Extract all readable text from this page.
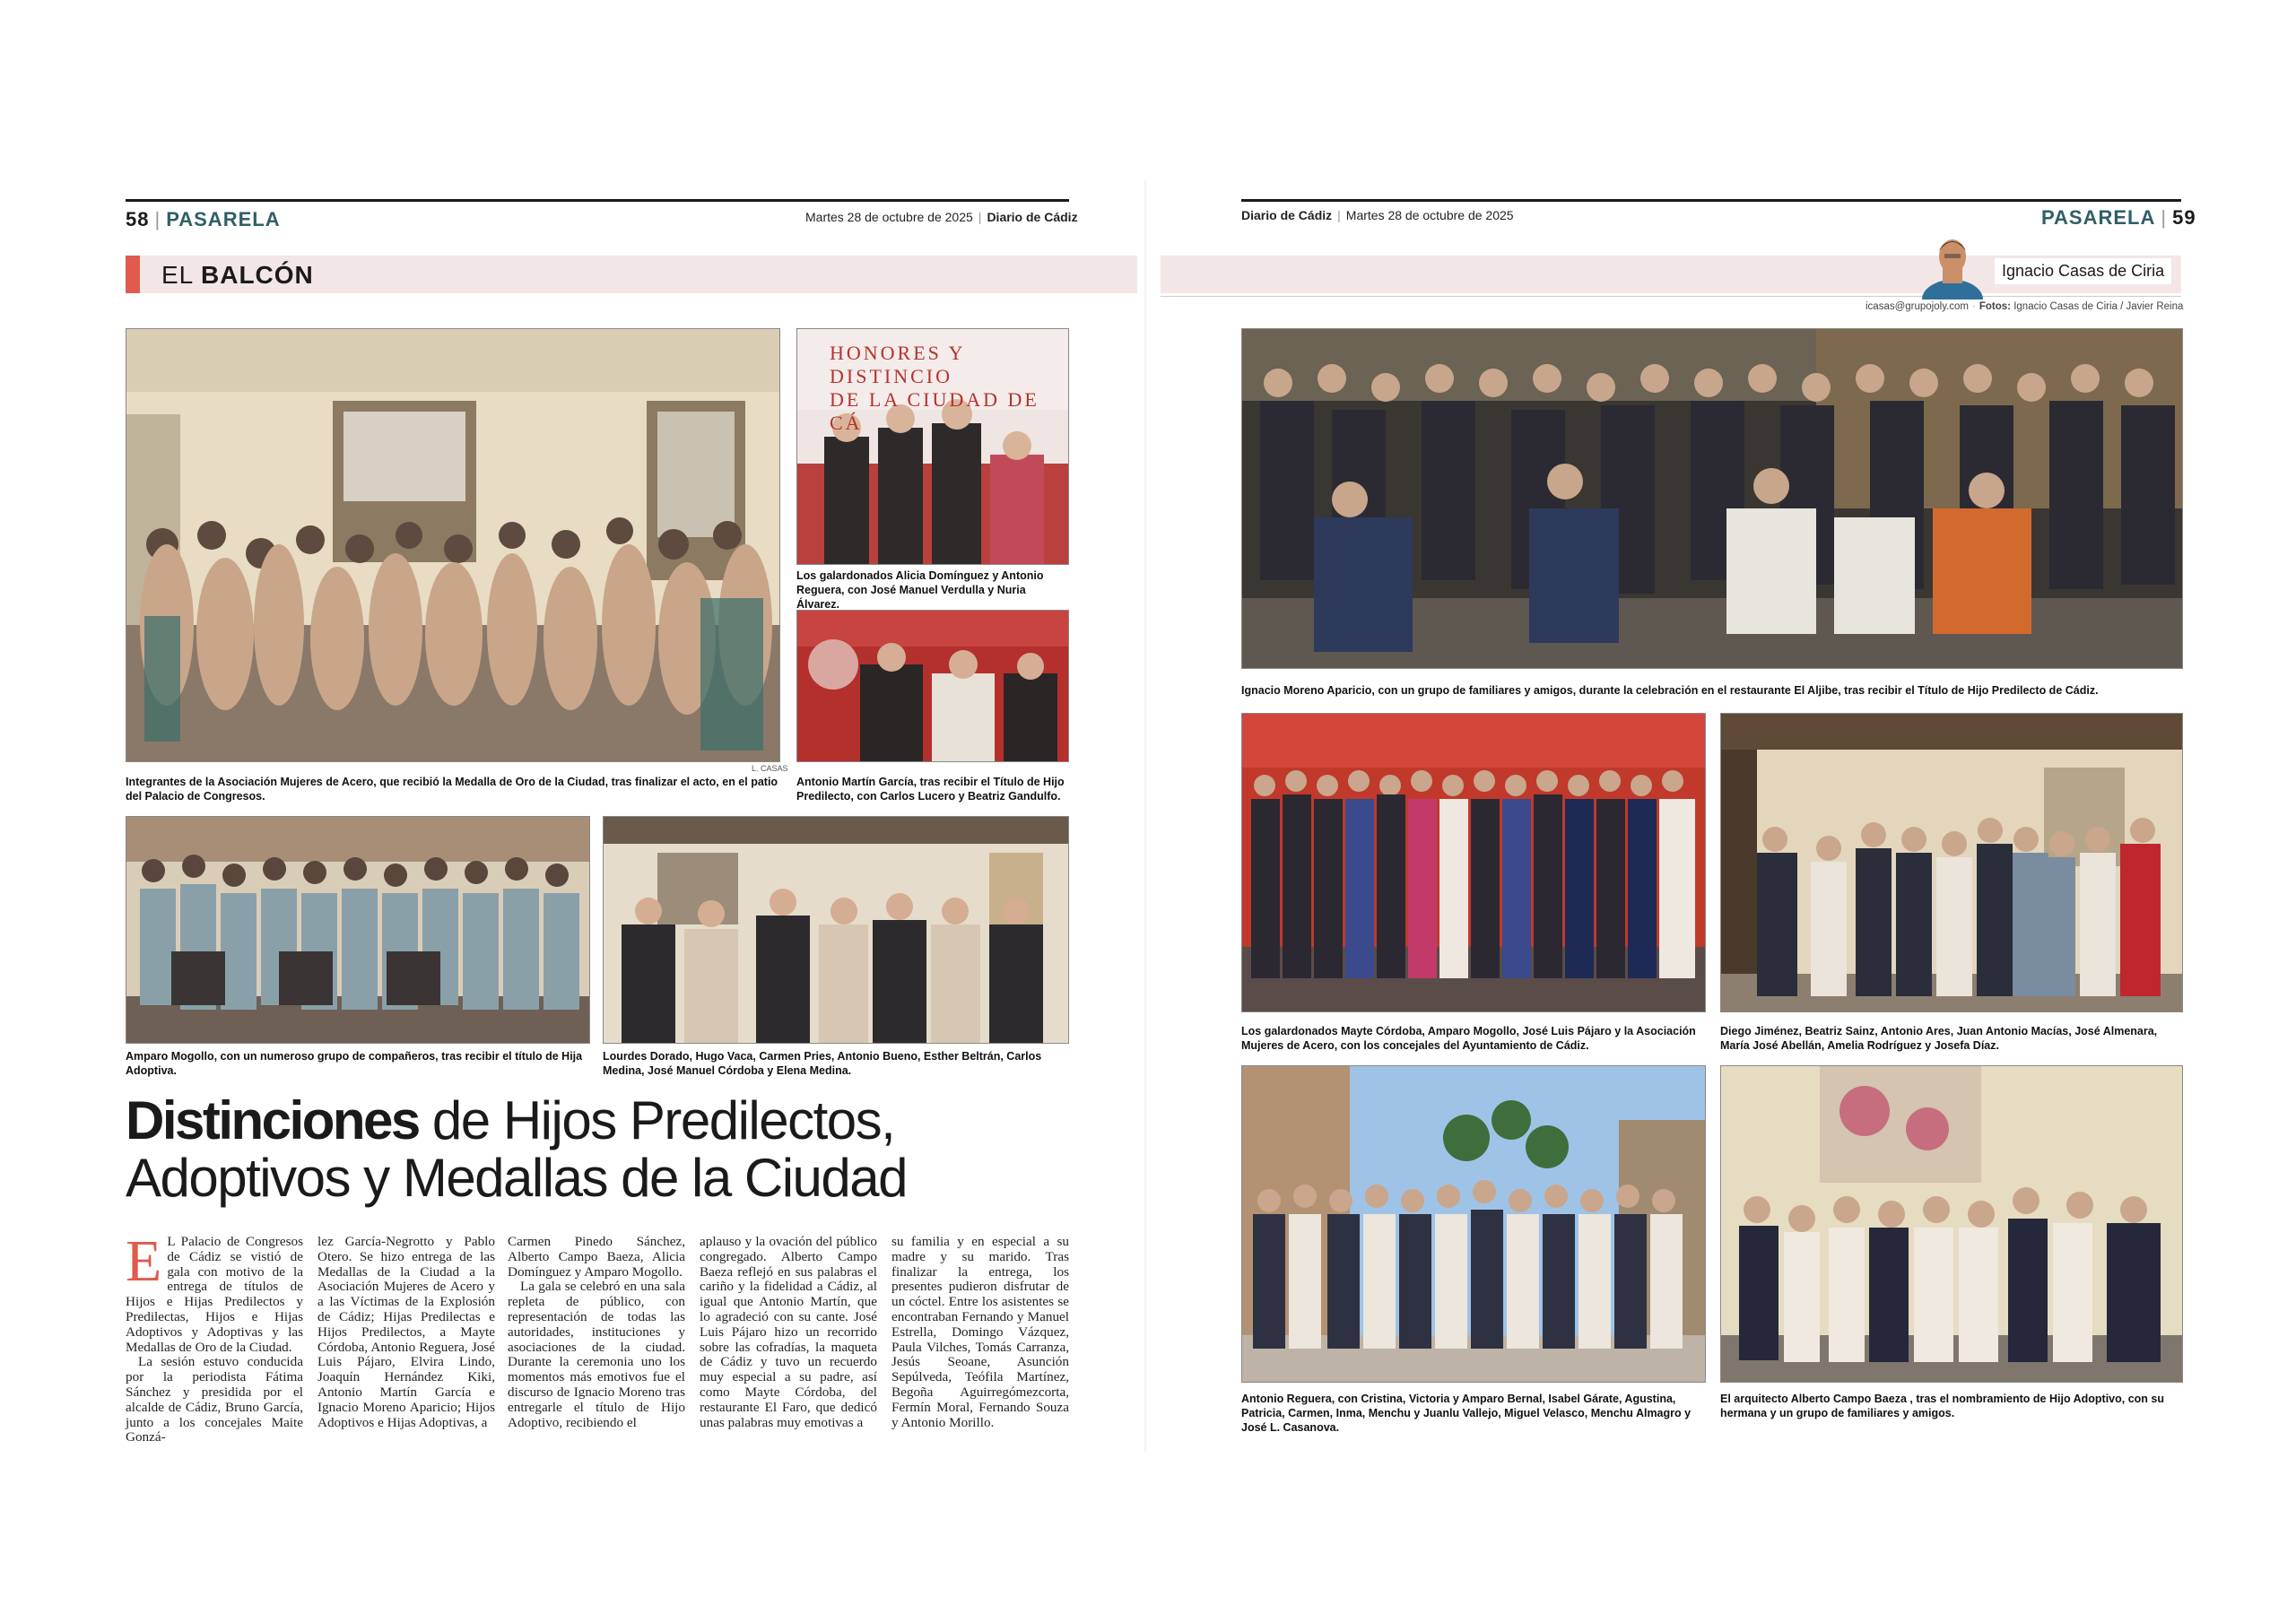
58 | PASARELA	Martes 28 de octubre de 2025 | Diario de Cádiz
EL BALCÓN
L. CASAS
Integrantes de la Asociación Mujeres de Acero, que recibió la Medalla de Oro de la Ciudad, tras finalizar el acto, en el patio del Palacio de Congresos.
HONORES Y DISTINCIO
DE LA CIUDAD DE CÁ
Los galardonados Alicia Domínguez y Antonio Reguera, con José Manuel Verdulla y Nuria Álvarez.
Antonio Martín García, tras recibir el Título de Hijo Predilecto, con Carlos Lucero y Beatriz Gandulfo.
Amparo Mogollo, con un numeroso grupo de compañeros, tras recibir el título de Hija Adoptiva.
Lourdes Dorado, Hugo Vaca, Carmen Pries, Antonio Bueno, Esther Beltrán, Carlos Medina, José Manuel Córdoba y Elena Medina.
Distinciones de Hijos Predilectos,
Adoptivos y Medallas de la Ciudad

E L Palacio de Congresos de Cádiz se vistió de gala con motivo de la entrega de títulos de Hijos e Hijas Predilectos y Predilectas, Hijos e Hijas Adoptivos y Adoptivas y las Medallas de Oro de la Ciudad.

La sesión estuvo conducida por la periodista Fátima Sánchez y presidida por el alcalde de Cádiz, Bruno García, junto a los concejales Maite Gonzá-

lez García-Negrotto y Pablo Otero. Se hizo entrega de las Medallas de la Ciudad a la Asociación Mujeres de Acero y a las Víctimas de la Explosión de Cádiz; Hijas Predilectas e Hijos Predilectos, a Mayte Córdoba, Antonio Reguera, José Luis Pájaro, Elvira Lindo, Joaquín Hernández Kiki, Antonio Martín García e Ignacio Moreno Aparicio; Hijos Adoptivos e Hijas Adoptivas, a

Carmen Pinedo Sánchez, Alberto Campo Baeza, Alicia Domínguez y Amparo Mogollo.

La gala se celebró en una sala repleta de público, con representación de todas las autoridades, instituciones y asociaciones de la ciudad. Durante la ceremonia uno los momentos más emotivos fue el discurso de Ignacio Moreno tras entregarle el título de Hijo Adoptivo, recibiendo el

aplauso y la ovación del público congregado. Alberto Campo Baeza reflejó en sus palabras el cariño y la fidelidad a Cádiz, al igual que Antonio Martín, que lo agradeció con su cante. José Luis Pájaro hizo un recorrido sobre las cofradías, la maqueta de Cádiz y tuvo un recuerdo muy especial a su padre, así como Mayte Córdoba, del restaurante El Faro, que dedicó unas palabras muy emotivas a

su familia y en especial a su madre y su marido. Tras finalizar la entrega, los presentes pudieron disfrutar de un cóctel. Entre los asistentes se encontraban Fernando y Manuel Estrella, Domingo Vázquez, Paula Vilches, Tomás Carranza, Jesús Seoane, Asunción Sepúlveda, Teófila Martínez, Begoña Aguirregómezcorta, Fermín Moral, Fernando Souza y Antonio Morillo.

Diario de Cádiz | Martes 28 de octubre de 2025	PASARELA | 59
Ignacio Casas de Ciria
icasas@grupojoly.com · Fotos: Ignacio Casas de Ciria / Javier Reina
Ignacio Moreno Aparicio, con un grupo de familiares y amigos, durante la celebración en el restaurante El Aljibe, tras recibir el Título de Hijo Predilecto de Cádiz.
Los galardonados Mayte Córdoba, Amparo Mogollo, José Luis Pájaro y la Asociación Mujeres de Acero, con los concejales del Ayuntamiento de Cádiz.
Diego Jiménez, Beatriz Sainz, Antonio Ares, Juan Antonio Macías, José Almenara, María José Abellán, Amelia Rodríguez y Josefa Díaz.
Antonio Reguera, con Cristina, Victoria y Amparo Bernal, Isabel Gárate, Agustina, Patricia, Carmen, Inma, Menchu y Juanlu Vallejo, Miguel Velasco, Menchu Almagro y José L. Casanova.
El arquitecto Alberto Campo Baeza , tras el nombramiento de Hijo Adoptivo, con su hermana y un grupo de familiares y amigos.
